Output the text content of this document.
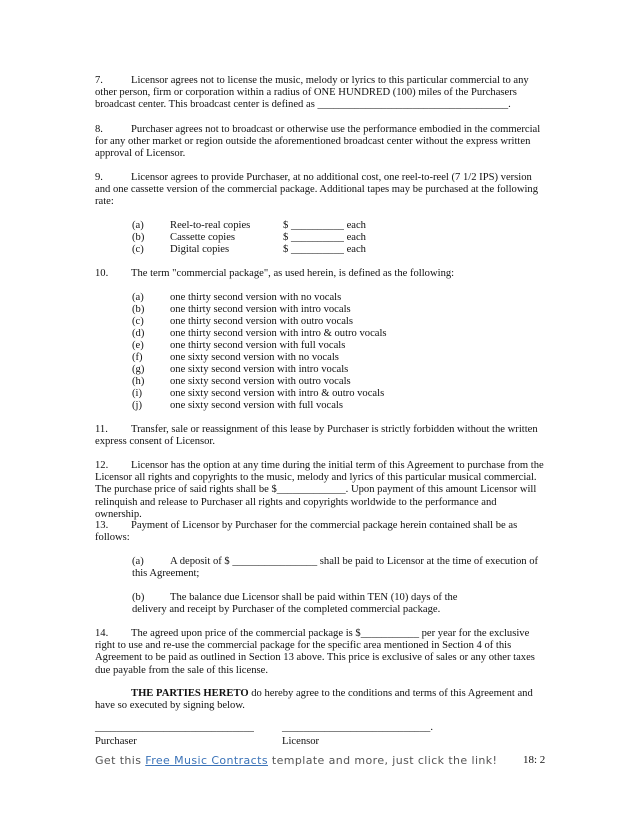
7.	Licensor agrees not to license the music, melody or lyrics to this particular commercial to any other person, firm or corporation within a radius of ONE HUNDRED (100) miles of the Purchasers broadcast center. This broadcast center is defined as ____________________________________.
8.	Purchaser agrees not to broadcast or otherwise use the performance embodied in the commercial for any other market or region outside the aforementioned broadcast center without the express written approval of Licensor.
9.	Licensor agrees to provide Purchaser, at no additional cost, one reel-to-reel (7 1/2 IPS) version and one cassette version of the commercial package. Additional tapes may be purchased at the following rate:
(a) Reel-to-real copies	$ __________ each
(b) Cassette copies	$ __________ each
(c) Digital copies	$ __________ each
10. The term "commercial package", as used herein, is defined as the following:
(a) one thirty second version with no vocals
(b) one thirty second version with intro vocals
(c) one thirty second version with outro vocals
(d) one thirty second version with intro & outro vocals
(e) one thirty second version with full vocals
(f)	one sixty second version with no vocals
(g) one sixty second version with intro vocals
(h) one sixty second version with outro vocals
(i)	one sixty second version with intro & outro vocals
(j)	one sixty second version with full vocals
11. Transfer, sale or reassignment of this lease by Purchaser is strictly forbidden without the written express consent of Licensor.
12. Licensor has the option at any time during the initial term of this Agreement to purchase from the Licensor all rights and copyrights to the music, melody and lyrics of this particular musical commercial. The purchase price of said rights shall be $_____________. Upon payment of this amount Licensor will relinquish and release to Purchaser all rights and copyrights worldwide to the performance and ownership.
13. Payment of Licensor by Purchaser for the commercial package herein contained shall be as follows:
(a) A deposit of $ ________________ shall be paid to Licensor at the time of execution of this Agreement;
(b) The balance due Licensor shall be paid within TEN (10) days of the delivery and receipt by Purchaser of the completed commercial package.
14. The agreed upon price of the commercial package is $___________ per year for the exclusive right to use and re-use the commercial package for the specific area mentioned in Section 4 of this Agreement to be paid as outlined in Section 13 above. This price is exclusive of sales or any other taxes due payable from the sale of this license.
THE PARTIES HERETO do hereby agree to the conditions and terms of this Agreement and have so executed by signing below.
______________________________
Purchaser
____________________________.
Licensor
Get this Free Music Contracts template and more, just click the link! 18: 2
